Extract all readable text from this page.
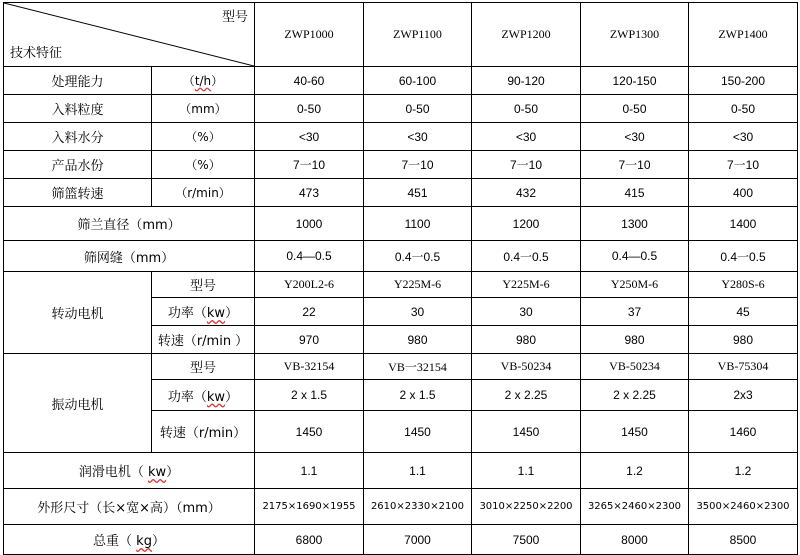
型号
技术特征		ZWP1000	ZWP1100	ZWP1200	ZWP1300	ZWP1400
处理能力	（t/h）	40-60	60-100	90-120	120-150	150-200
入料粒度	（mm）	0-50	0-50	0-50	0-50	0-50
入料水分	（%）	<30	<30	<30	<30	<30
产品水份	（%）	7一10	7一10	7一10	7一10	7一10
筛篮转速	（r/min）	473	451	432	415	400
筛兰直径（mm）		1000	1100	1200	1300	1400
筛网缝（mm）		0.4—0.5	0.4一0.5	0.4一0.5	0.4—0.5	0.4一0.5
转动电机	型号	Y200L2-6	Y225M-6	Y225M-6	Y250M-6	Y280S-6
	功率（kw）	22	30	30	37	45
	转速（r/min ）	970	980	980	980	980
振动电机	型号	VB-32154	VB一32154	VB-50234	VB-50234	VB-75304
	功率（kw）	2 x 1.5	2 x 1.5	2 x 2.25	2 x 2.25	2x3
	转速（r/min）	1450	1450	1450	1450	1460
润滑电机（ kw）		1.1	1.1	1.1	1.2	1.2
外形尺寸（长×宽×高）（mm）		2175×1690×1955	2610×2330×2100	3010×2250×2200	3265×2460×2300	3500×2460×2300
总重（ kg）		6800	7000	7500	8000	8500
